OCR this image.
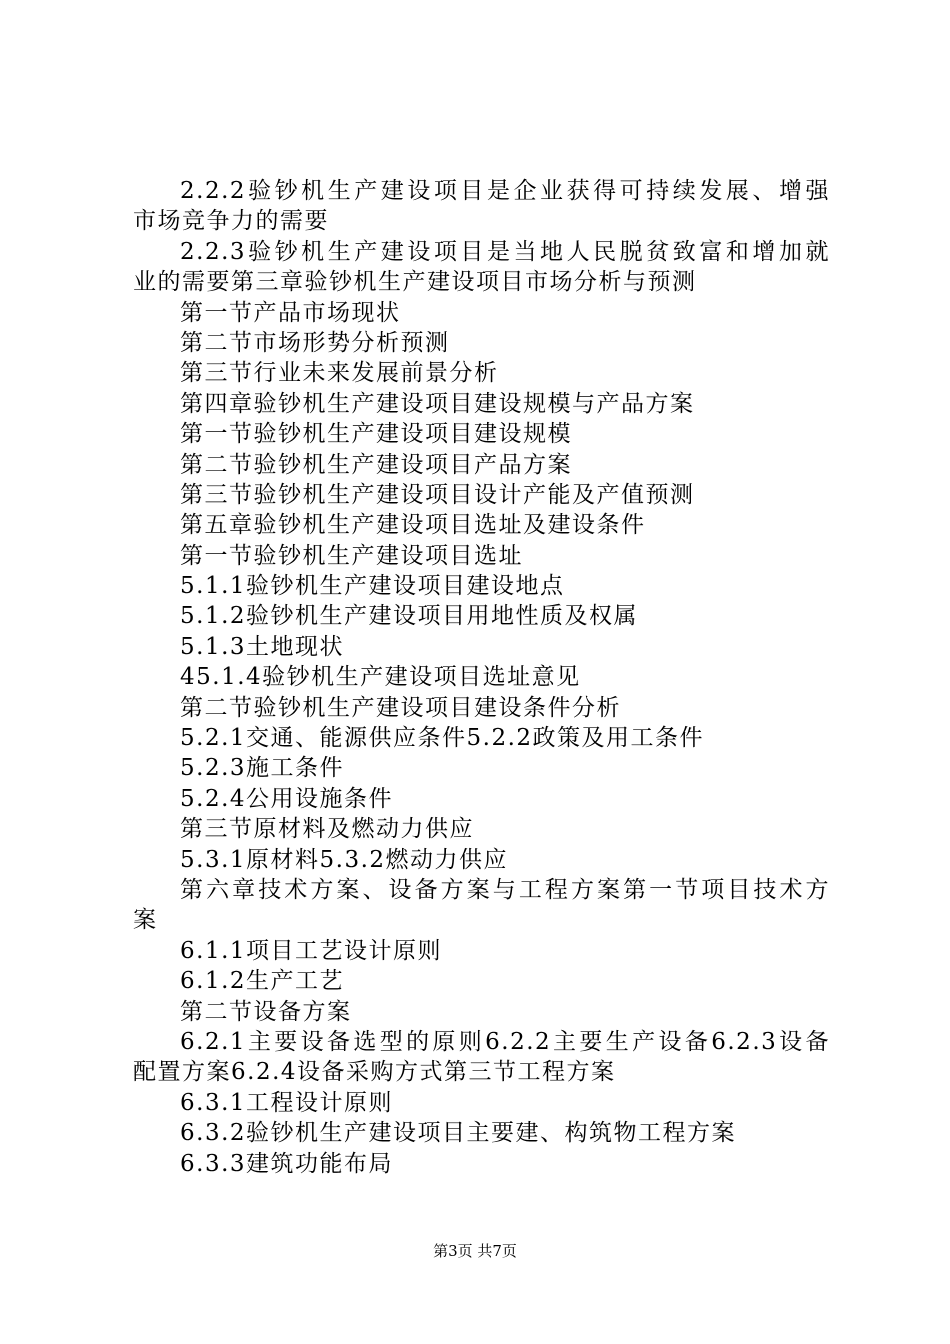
2.2.2验钞机生产建设项目是企业获得可持续发展、增强
市场竞争力的需要
2.2.3验钞机生产建设项目是当地人民脱贫致富和增加就
业的需要第三章验钞机生产建设项目市场分析与预测
第一节产品市场现状
第二节市场形势分析预测
第三节行业未来发展前景分析
第四章验钞机生产建设项目建设规模与产品方案
第一节验钞机生产建设项目建设规模
第二节验钞机生产建设项目产品方案
第三节验钞机生产建设项目设计产能及产值预测
第五章验钞机生产建设项目选址及建设条件
第一节验钞机生产建设项目选址
5.1.1验钞机生产建设项目建设地点
5.1.2验钞机生产建设项目用地性质及权属
5.1.3土地现状
45.1.4验钞机生产建设项目选址意见
第二节验钞机生产建设项目建设条件分析
5.2.1交通、能源供应条件5.2.2政策及用工条件
5.2.3施工条件
5.2.4公用设施条件
第三节原材料及燃动力供应
5.3.1原材料5.3.2燃动力供应
第六章技术方案、设备方案与工程方案第一节项目技术方
案
6.1.1项目工艺设计原则
6.1.2生产工艺
第二节设备方案
6.2.1主要设备选型的原则6.2.2主要生产设备6.2.3设备
配置方案6.2.4设备采购方式第三节工程方案
6.3.1工程设计原则
6.3.2验钞机生产建设项目主要建、构筑物工程方案
6.3.3建筑功能布局
第3页 共7页
